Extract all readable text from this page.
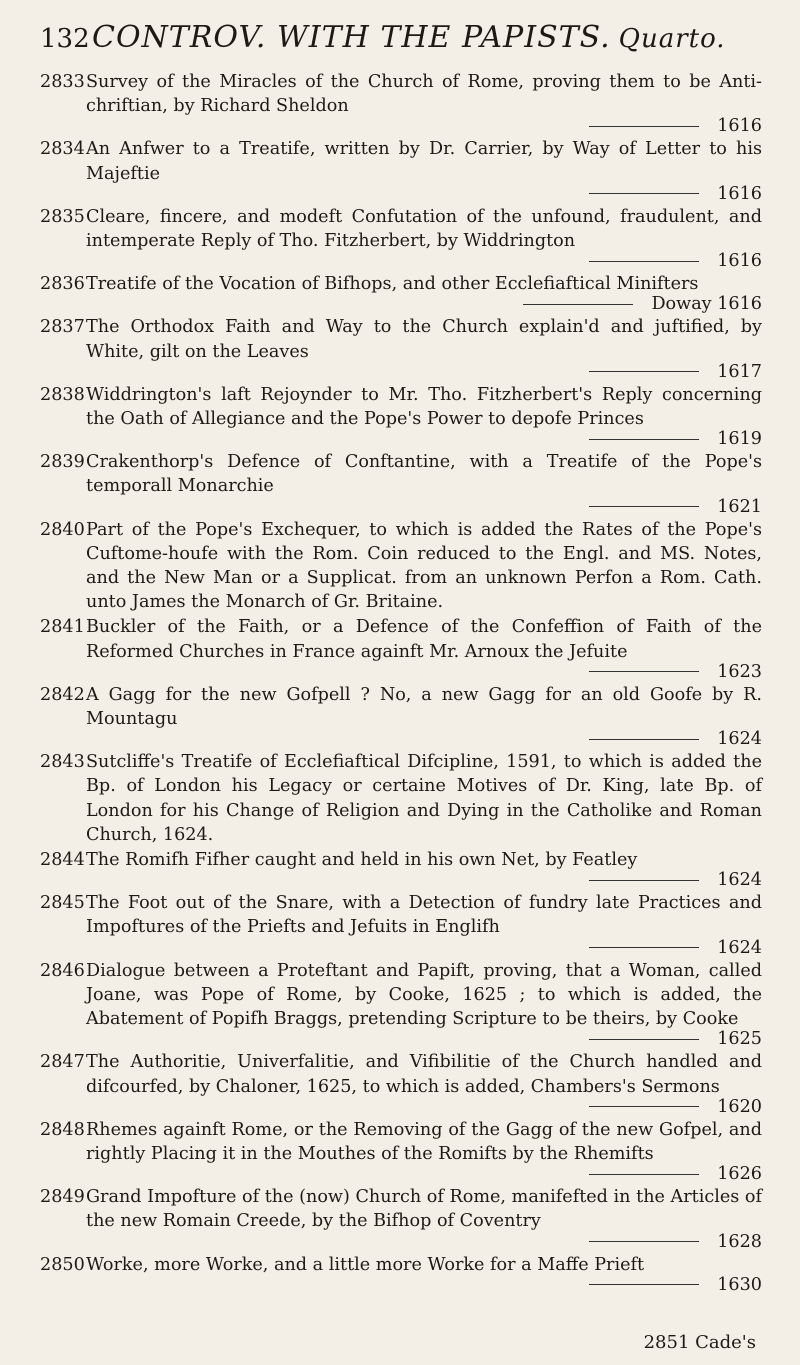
132 CONTROV. WITH THE PAPISTS. Quarto.
2833 Survey of the Miracles of the Church of Rome, proving them to be Anti-chriftian, by Richard Sheldon
1616
2834 An Anfwer to a Treatife, written by Dr. Carrier, by Way of Letter to his Majeftie
1616
2835 Cleare, fincere, and modeft Confutation of the unfound, fraudulent, and intemperate Reply of Tho. Fitzherbert, by Widdrington
1616
2836 Treatife of the Vocation of Bifhops, and other Ecclefiaftical Minifters
Doway 1616
2837 The Orthodox Faith and Way to the Church explain'd and juftified, by White, gilt on the Leaves
1617
2838 Widdrington's laft Rejoynder to Mr. Tho. Fitzherbert's Reply concerning the Oath of Allegiance and the Pope's Power to depofe Princes
1619
2839 Crakenthorp's Defence of Conftantine, with a Treatife of the Pope's temporall Monarchie
1621
2840 Part of the Pope's Exchequer, to which is added the Rates of the Pope's Cuftome-houfe with the Rom. Coin reduced to the Engl. and MS. Notes, and the New Man or a Supplicat. from an unknown Perfon a Rom. Cath. unto James the Monarch of Gr. Britaine.
2841 Buckler of the Faith, or a Defence of the Confeffion of Faith of the Reformed Churches in France againft Mr. Arnoux the Jefuite
1623
2842 A Gagg for the new Gofpell ? No, a new Gagg for an old Goofe by R. Mountagu
1624
2843 Sutcliffe's Treatife of Ecclefiaftical Difcipline, 1591, to which is added the Bp. of London his Legacy or certaine Motives of Dr. King, late Bp. of London for his Change of Religion and Dying in the Catholike and Roman Church, 1624.
2844 The Romifh Fifher caught and held in his own Net, by Featley
1624
2845 The Foot out of the Snare, with a Detection of fundry late Practices and Impoftures of the Priefts and Jefuits in Englifh
1624
2846 Dialogue between a Proteftant and Papift, proving, that a Woman, called Joane, was Pope of Rome, by Cooke, 1625 ; to which is added, the Abatement of Popifh Braggs, pretending Scripture to be theirs, by Cooke
1625
2847 The Authoritie, Univerfalitie, and Vifibilitie of the Church handled and difcourfed, by Chaloner, 1625, to which is added, Chambers's Sermons
1620
2848 Rhemes againft Rome, or the Removing of the Gagg of the new Gofpel, and rightly Placing it in the Mouthes of the Romifts by the Rhemifts
1626
2849 Grand Impofture of the (now) Church of Rome, manifefted in the Articles of the new Romain Creede, by the Bifhop of Coventry
1628
2850 Worke, more Worke, and a little more Worke for a Maffe Prieft
1630
2851 Cade's
